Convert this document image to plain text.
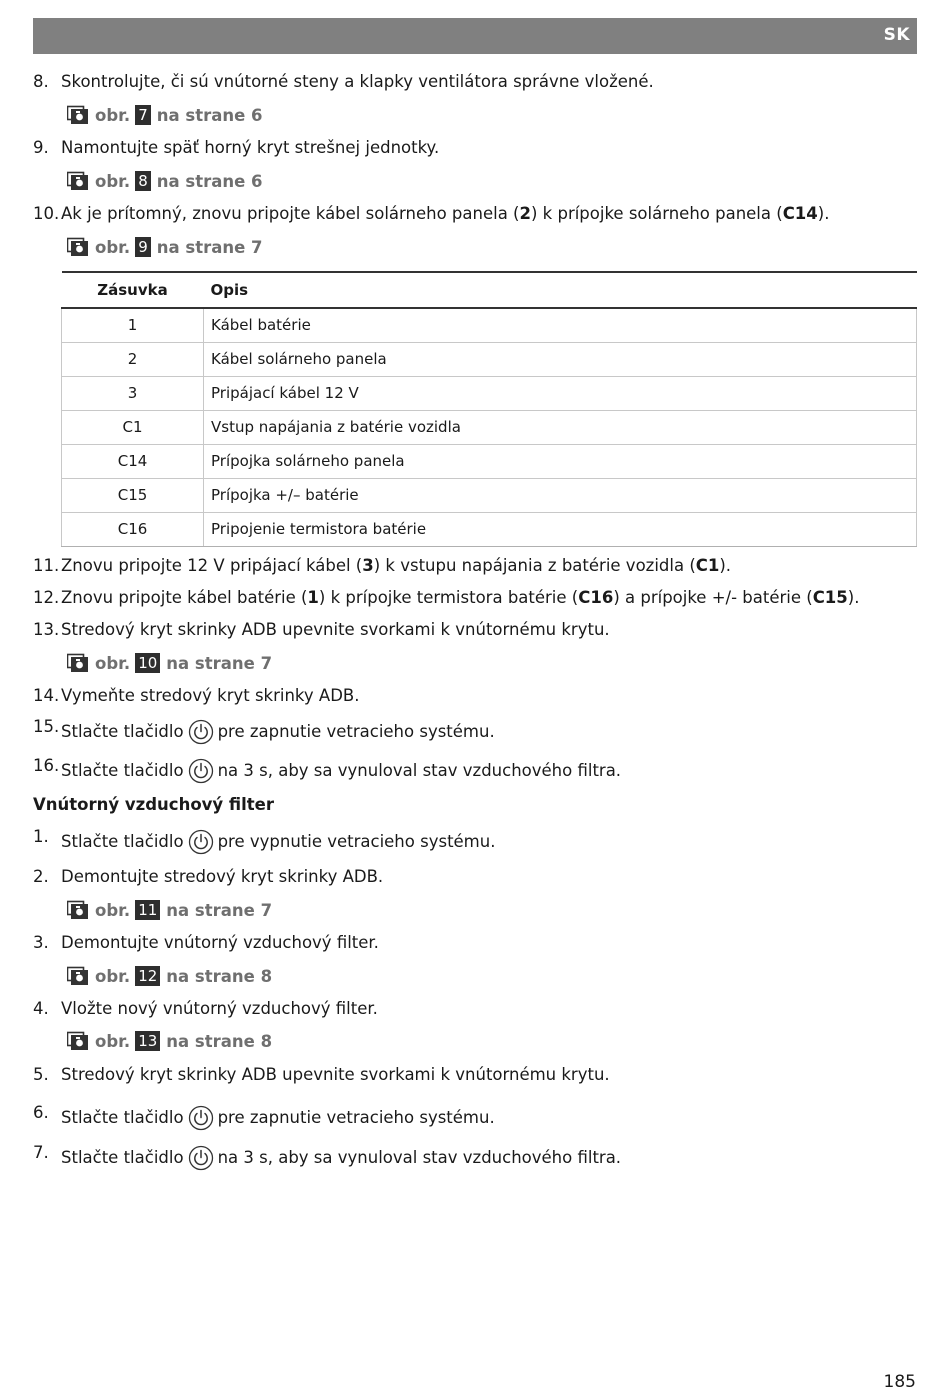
SK
8. Skontrolujte, či sú vnútorné steny a klapky ventilátora správne vložené.
obr. 7 na strane
6
9. Namontujte späť horný kryt strešnej jednotky.
obr. 8 na strane
6
10. Ak je prítomný, znovu pripojte kábel solárneho panela ( 2 ) k prípojke solárneho panela ( C14 ).
obr. 9 na strane
7
Zásuvka	Opis
1	Kábel batérie
2	Kábel solárneho panela
3	Pripájací kábel 12 V
C1	Vstup napájania z batérie vozidla
C14	Prípojka solárneho panela
C15	Prípojka +/– batérie
C16	Pripojenie termistora batérie
11. Znovu pripojte 12 V pripájací kábel ( 3 ) k vstupu napájania z batérie vozidla ( C1 ).
12. Znovu pripojte kábel batérie ( 1 ) k prípojke termistora batérie ( C16 ) a prípojke +/- batérie ( C15 ).
13. Stredový kryt skrinky ADB upevnite svorkami k vnútornému krytu.
obr. 10 na strane
7
14. Vymeňte stredový kryt skrinky ADB.
15. Stlačte tlačidlo pre zapnutie vetracieho systému.
16. Stlačte tlačidlo na 3 s, aby sa vynuloval stav vzduchového filtra.
Vnútorný vzduchový filter
1. Stlačte tlačidlo pre vypnutie vetracieho systému.
2. Demontujte stredový kryt skrinky ADB.
obr. 11 na strane
7
3. Demontujte vnútorný vzduchový filter.
obr. 12 na strane
8
4. Vložte nový vnútorný vzduchový filter.
obr. 13 na strane
8
5. Stredový kryt skrinky ADB upevnite svorkami k vnútornému krytu.
6. Stlačte tlačidlo pre zapnutie vetracieho systému.
7. Stlačte tlačidlo na 3 s, aby sa vynuloval stav vzduchového filtra.
185
